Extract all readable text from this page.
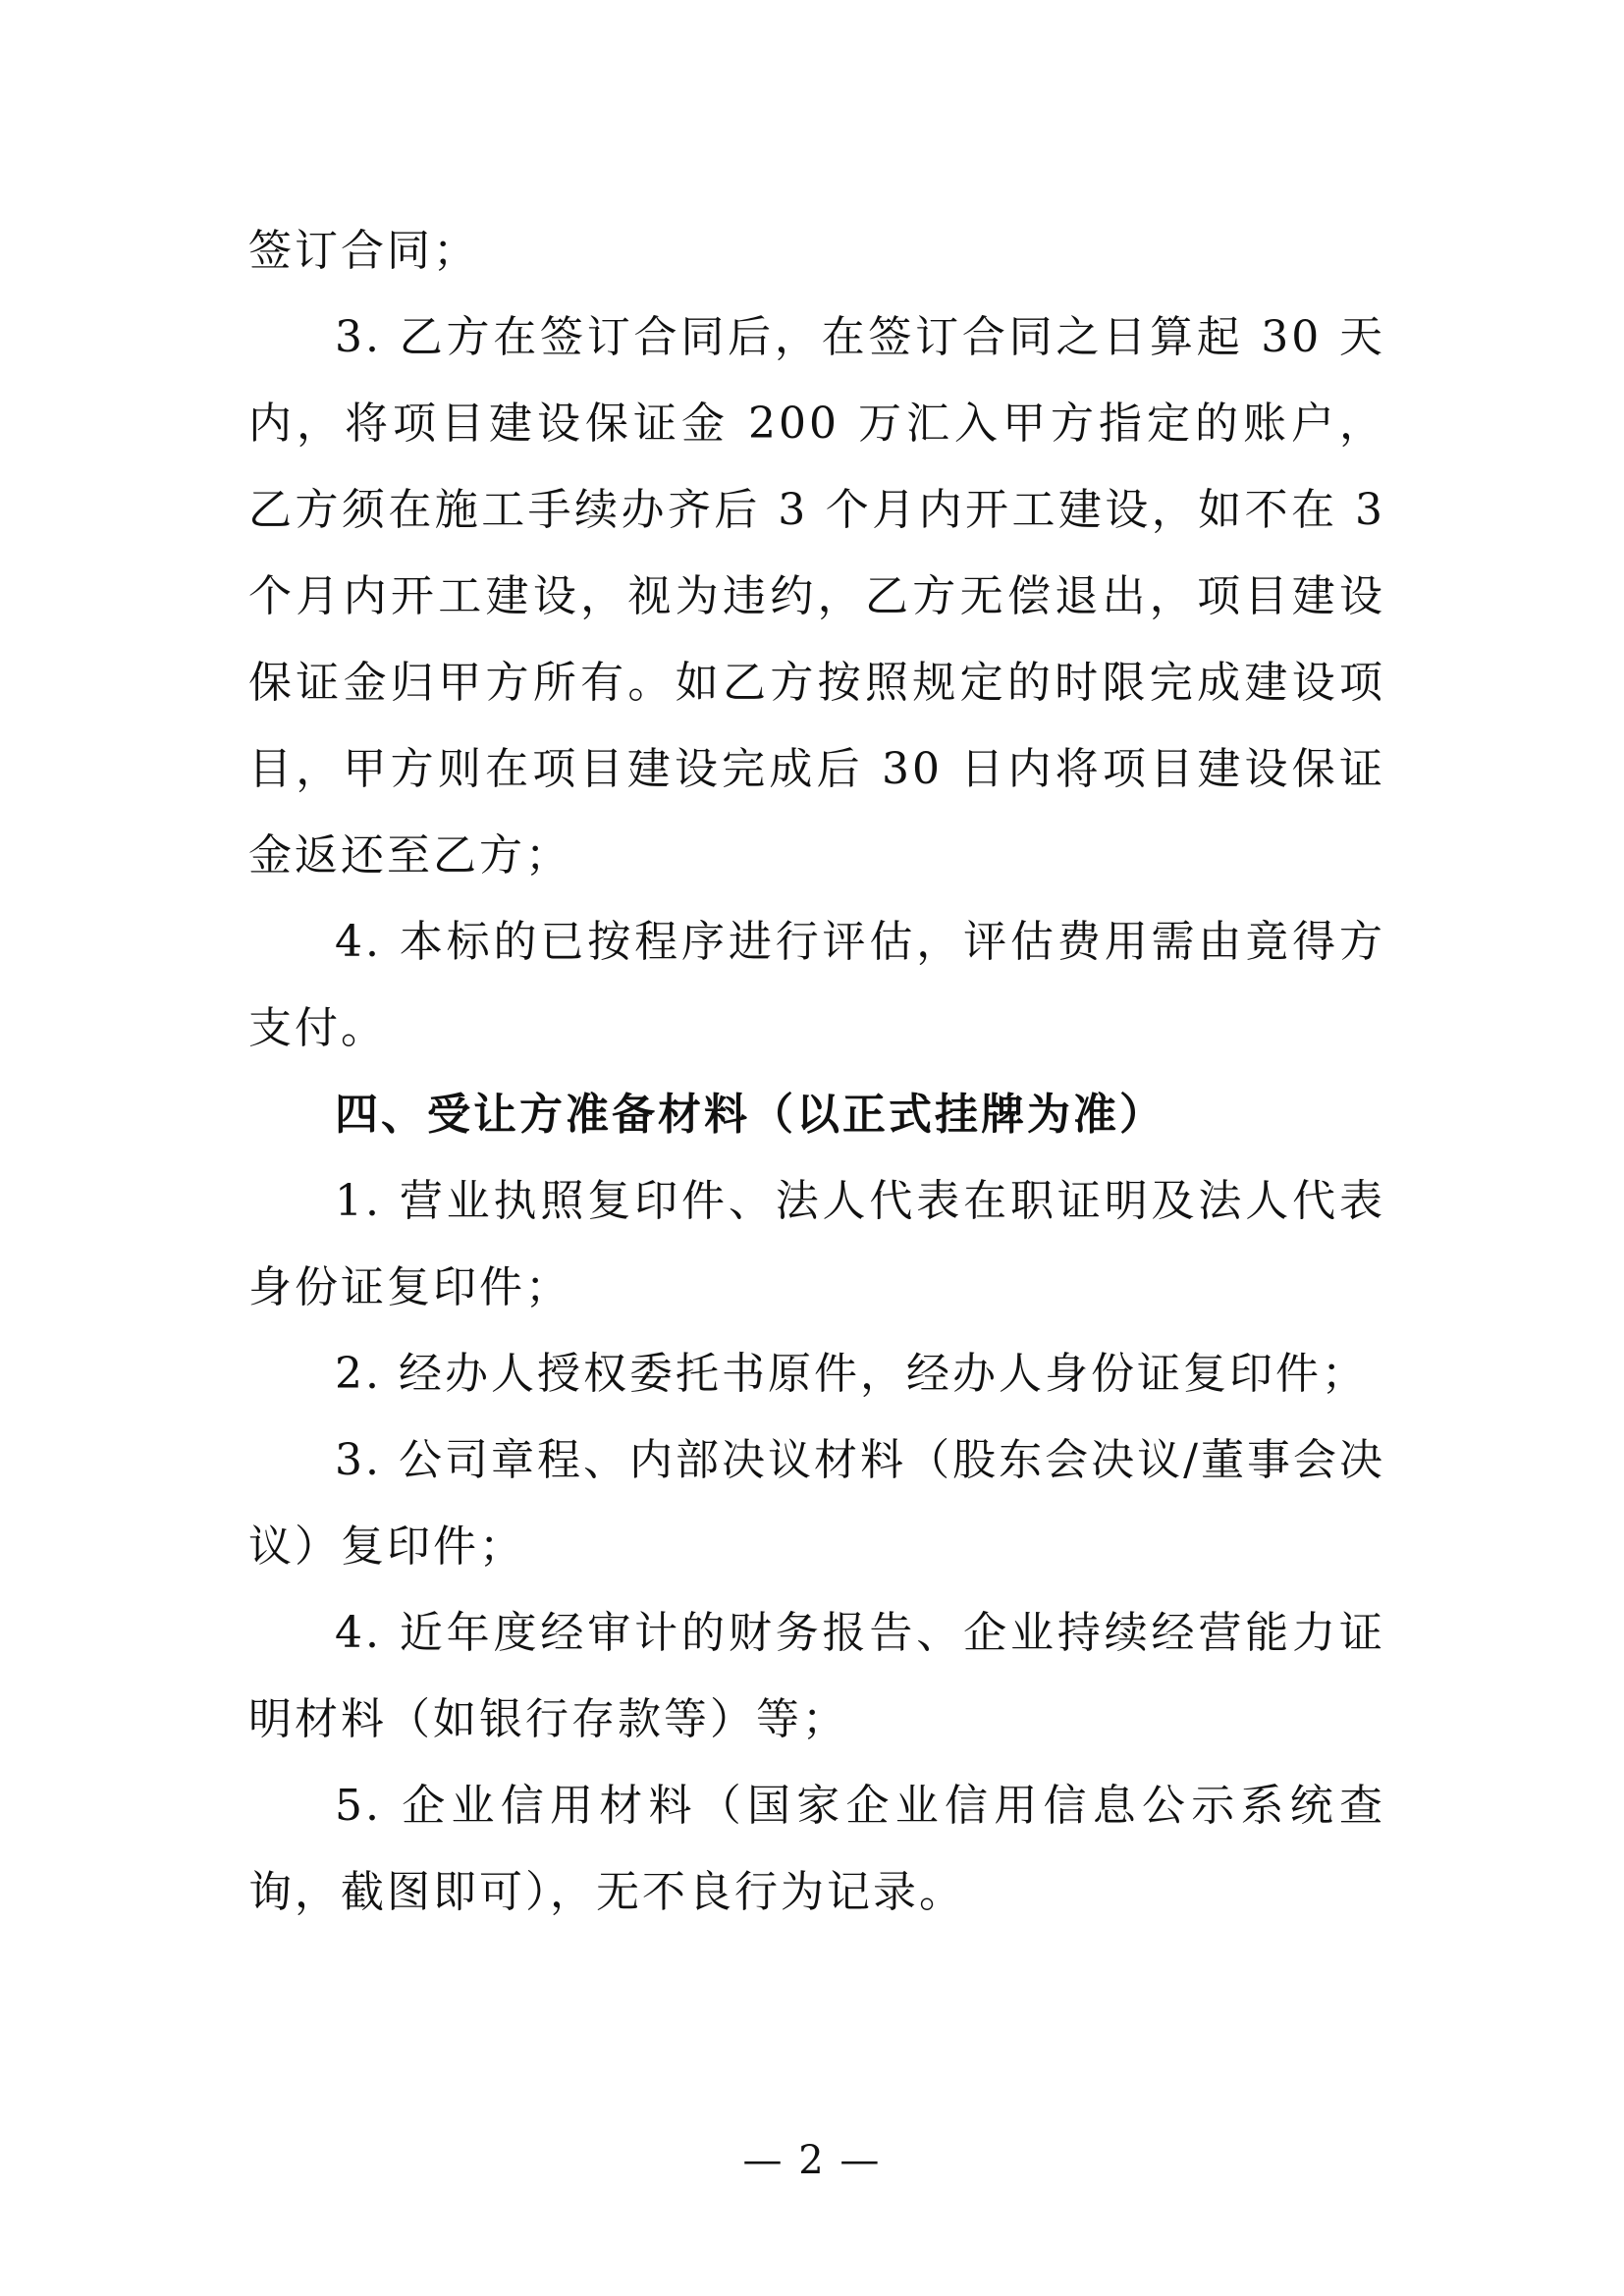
签订合同；

3. 乙方在签订合同后，在签订合同之日算起 30 天内，将项目建设保证金 200 万汇入甲方指定的账户，乙方须在施工手续办齐后 3 个月内开工建设，如不在 3 个月内开工建设，视为违约，乙方无偿退出，项目建设保证金归甲方所有。如乙方按照规定的时限完成建设项目，甲方则在项目建设完成后 30 日内将项目建设保证金返还至乙方；

4. 本标的已按程序进行评估，评估费用需由竟得方支付。

四、受让方准备材料（以正式挂牌为准）

1. 营业执照复印件、法人代表在职证明及法人代表身份证复印件；

2. 经办人授权委托书原件，经办人身份证复印件；

3. 公司章程、内部决议材料（股东会决议/董事会决议）复印件；

4. 近年度经审计的财务报告、企业持续经营能力证明材料（如银行存款等）等；

5. 企业信用材料（国家企业信用信息公示系统查询，截图即可），无不良行为记录。

— 2 —
